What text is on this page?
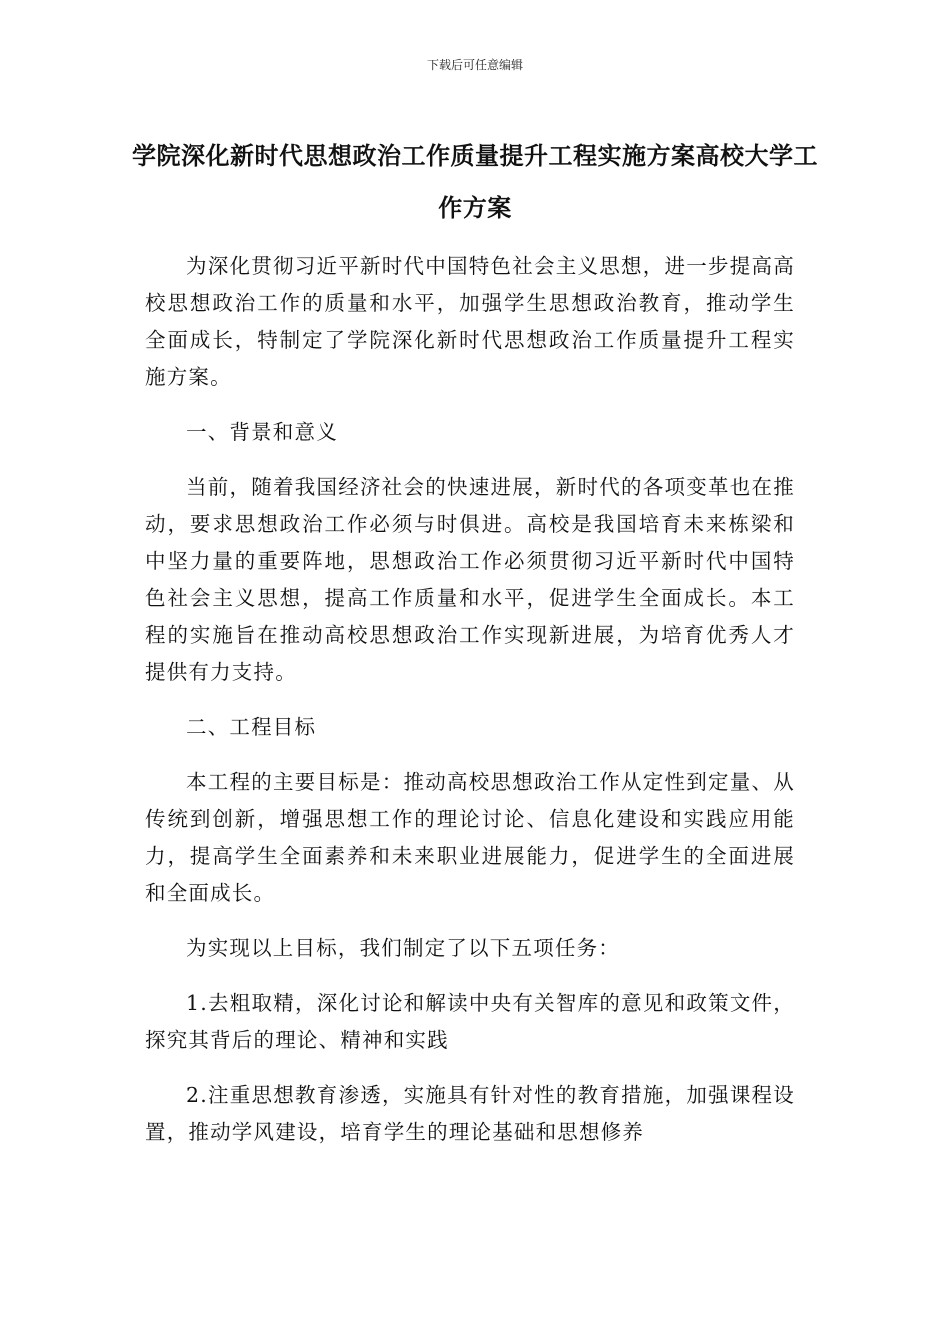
下载后可任意编辑
学院深化新时代思想政治工作质量提升工程实施方案高校大学工作方案

为深化贯彻习近平新时代中国特色社会主义思想，进一步提高高校思想政治工作的质量和水平，加强学生思想政治教育，推动学生全面成长，特制定了学院深化新时代思想政治工作质量提升工程实施方案。

一、背景和意义

当前，随着我国经济社会的快速进展，新时代的各项变革也在推动，要求思想政治工作必须与时俱进。高校是我国培育未来栋梁和中坚力量的重要阵地，思想政治工作必须贯彻习近平新时代中国特色社会主义思想，提高工作质量和水平，促进学生全面成长。本工程的实施旨在推动高校思想政治工作实现新进展，为培育优秀人才提供有力支持。

二、工程目标

本工程的主要目标是：推动高校思想政治工作从定性到定量、从传统到创新，增强思想工作的理论讨论、信息化建设和实践应用能力，提高学生全面素养和未来职业进展能力，促进学生的全面进展和全面成长。

为实现以上目标，我们制定了以下五项任务：

1.去粗取精，深化讨论和解读中央有关智库的意见和政策文件，探究其背后的理论、精神和实践

2.注重思想教育渗透，实施具有针对性的教育措施，加强课程设置，推动学风建设，培育学生的理论基础和思想修养
